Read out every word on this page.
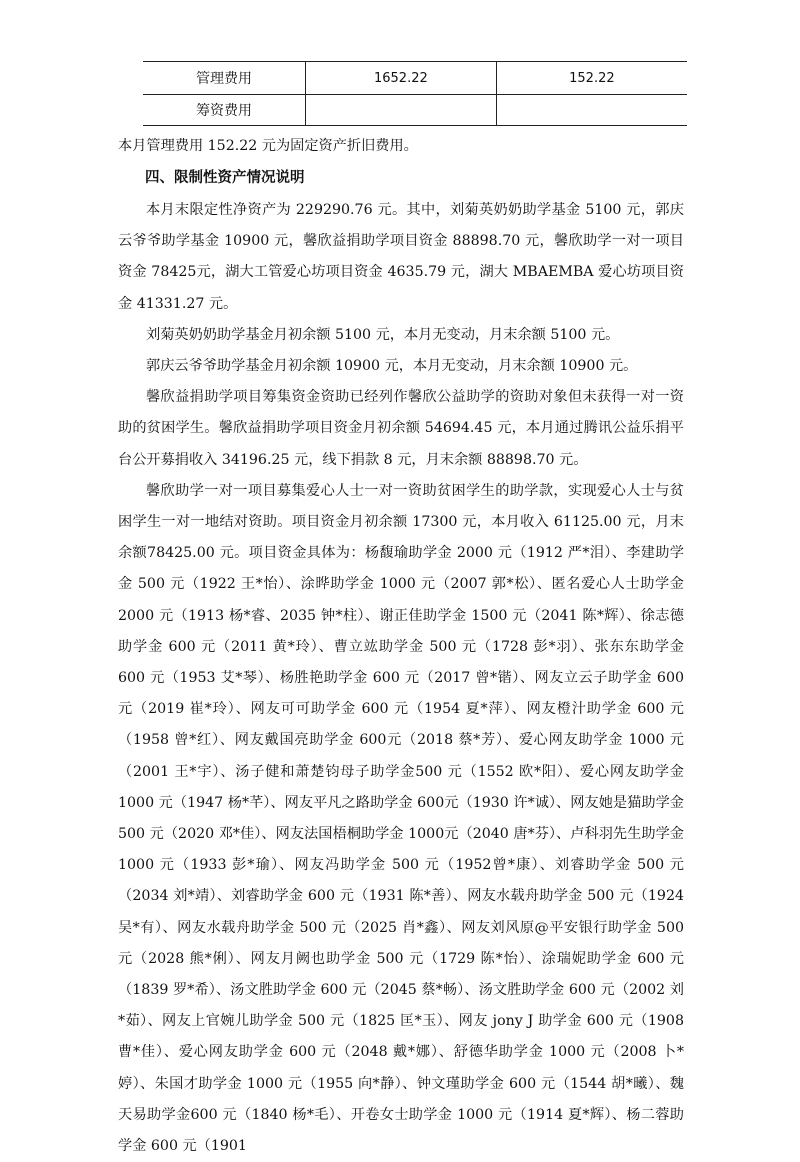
管理费用	1652.22	152.22
筹资费用		
本月管理费用 152.22 元为固定资产折旧费用。
四、限制性资产情况说明

本月末限定性净资产为 229290.76 元。其中，刘菊英奶奶助学基金 5100 元，郭庆云爷爷助学基金 10900 元，馨欣益捐助学项目资金 88898.70 元，馨欣助学一对一项目资金 78425元，湖大工管爱心坊项目资金 4635.79 元，湖大 MBAEMBA 爱心坊项目资金 41331.27 元。

刘菊英奶奶助学基金月初余额 5100 元，本月无变动，月末余额 5100 元。

郭庆云爷爷助学基金月初余额 10900 元，本月无变动，月末余额 10900 元。

馨欣益捐助学项目筹集资金资助已经列作馨欣公益助学的资助对象但未获得一对一资助的贫困学生。馨欣益捐助学项目资金月初余额 54694.45 元，本月通过腾讯公益乐捐平台公开募捐收入 34196.25 元，线下捐款 8 元，月末余额 88898.70 元。

馨欣助学一对一项目募集爱心人士一对一资助贫困学生的助学款，实现爱心人士与贫困学生一对一地结对资助。项目资金月初余额 17300 元，本月收入 61125.00 元，月末余额78425.00 元。项目资金具体为：杨馥瑜助学金 2000 元（1912 严*泪）、李建助学金 500 元（1922 王*怡）、涂晔助学金 1000 元（2007 郭*松）、匿名爱心人士助学金 2000 元（1913 杨*睿、2035 钟*柱）、谢正佳助学金 1500 元（2041 陈*辉）、徐志德助学金 600 元（2011 黄*玲）、曹立竑助学金 500 元（1728 彭*羽）、张东东助学金 600 元（1953 艾*琴）、杨胜艳助学金 600 元（2017 曾*锴）、网友立云子助学金 600 元（2019 崔*玲）、网友可可助学金 600 元（1954 夏*萍）、网友橙汁助学金 600 元（1958 曾*红）、网友戴国亮助学金 600元（2018 蔡*芳）、爱心网友助学金 1000 元（2001 王*宇）、汤子健和萧楚钧母子助学金500 元（1552 欧*阳）、爱心网友助学金 1000 元（1947 杨*芊）、网友平凡之路助学金 600元（1930 许*诚）、网友她是猫助学金 500 元（2020 邓*佳）、网友法国梧桐助学金 1000元（2040 唐*芬）、卢科羽先生助学金 1000 元（1933 彭*瑜）、网友冯助学金 500 元（1952曾*康）、刘睿助学金 500 元（2034 刘*靖）、刘睿助学金 600 元（1931 陈*善）、网友水载舟助学金 500 元（1924 吴*有）、网友水载舟助学金 500 元（2025 肖*鑫）、网友刘风原@平安银行助学金 500 元（2028 熊*俐）、网友月阙也助学金 500 元（1729 陈*怡）、涂瑞妮助学金 600 元（1839 罗*希）、汤文胜助学金 600 元（2045 蔡*畅）、汤文胜助学金 600 元（2002 刘*茹）、网友上官婉儿助学金 500 元（1825 匡*玉）、网友 jony J 助学金 600 元（1908曹*佳）、爱心网友助学金 600 元（2048 戴*娜）、舒德华助学金 1000 元（2008 卜*婷）、朱国才助学金 1000 元（1955 向*静）、钟文瑾助学金 600 元（1544 胡*曦）、魏天易助学金600 元（1840 杨*毛）、开卷女士助学金 1000 元（1914 夏*辉）、杨二蓉助学金 600 元（1901
